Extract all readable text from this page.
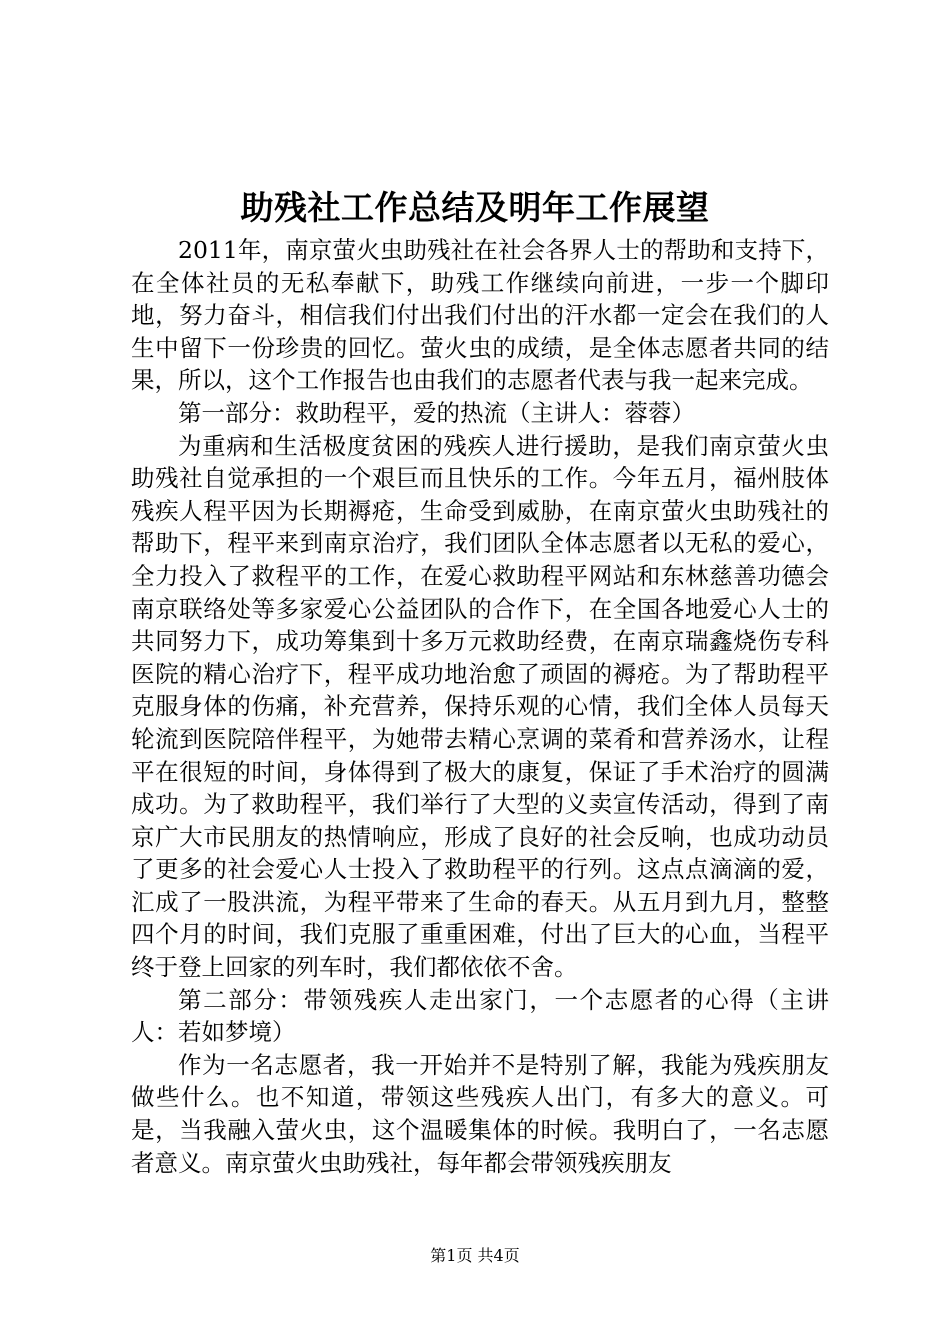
助残社工作总结及明年工作展望

2011年，南京萤火虫助残社在社会各界人士的帮助和支持下，在全体社员的无私奉献下，助残工作继续向前进，一步一个脚印地，努力奋斗，相信我们付出我们付出的汗水都一定会在我们的人生中留下一份珍贵的回忆。萤火虫的成绩，是全体志愿者共同的结果，所以，这个工作报告也由我们的志愿者代表与我一起来完成。

第一部分：救助程平，爱的热流（主讲人：蓉蓉）

为重病和生活极度贫困的残疾人进行援助，是我们南京萤火虫助残社自觉承担的一个艰巨而且快乐的工作。今年五月，福州肢体残疾人程平因为长期褥疮，生命受到威胁，在南京萤火虫助残社的帮助下，程平来到南京治疗，我们团队全体志愿者以无私的爱心，全力投入了救程平的工作，在爱心救助程平网站和东林慈善功德会南京联络处等多家爱心公益团队的合作下，在全国各地爱心人士的共同努力下，成功筹集到十多万元救助经费，在南京瑞鑫烧伤专科医院的精心治疗下，程平成功地治愈了顽固的褥疮。为了帮助程平克服身体的伤痛，补充营养，保持乐观的心情，我们全体人员每天轮流到医院陪伴程平，为她带去精心烹调的菜肴和营养汤水，让程平在很短的时间，身体得到了极大的康复，保证了手术治疗的圆满成功。为了救助程平，我们举行了大型的义卖宣传活动，得到了南京广大市民朋友的热情响应，形成了良好的社会反响，也成功动员了更多的社会爱心人士投入了救助程平的行列。这点点滴滴的爱，汇成了一股洪流，为程平带来了生命的春天。从五月到九月，整整四个月的时间，我们克服了重重困难，付出了巨大的心血，当程平终于登上回家的列车时，我们都依依不舍。

第二部分：带领残疾人走出家门，一个志愿者的心得（主讲人：若如梦境）

作为一名志愿者，我一开始并不是特别了解，我能为残疾朋友做些什么。也不知道，带领这些残疾人出门，有多大的意义。可是，当我融入萤火虫，这个温暖集体的时候。我明白了，一名志愿者意义。南京萤火虫助残社，每年都会带领残疾朋友

第1页 共4页
